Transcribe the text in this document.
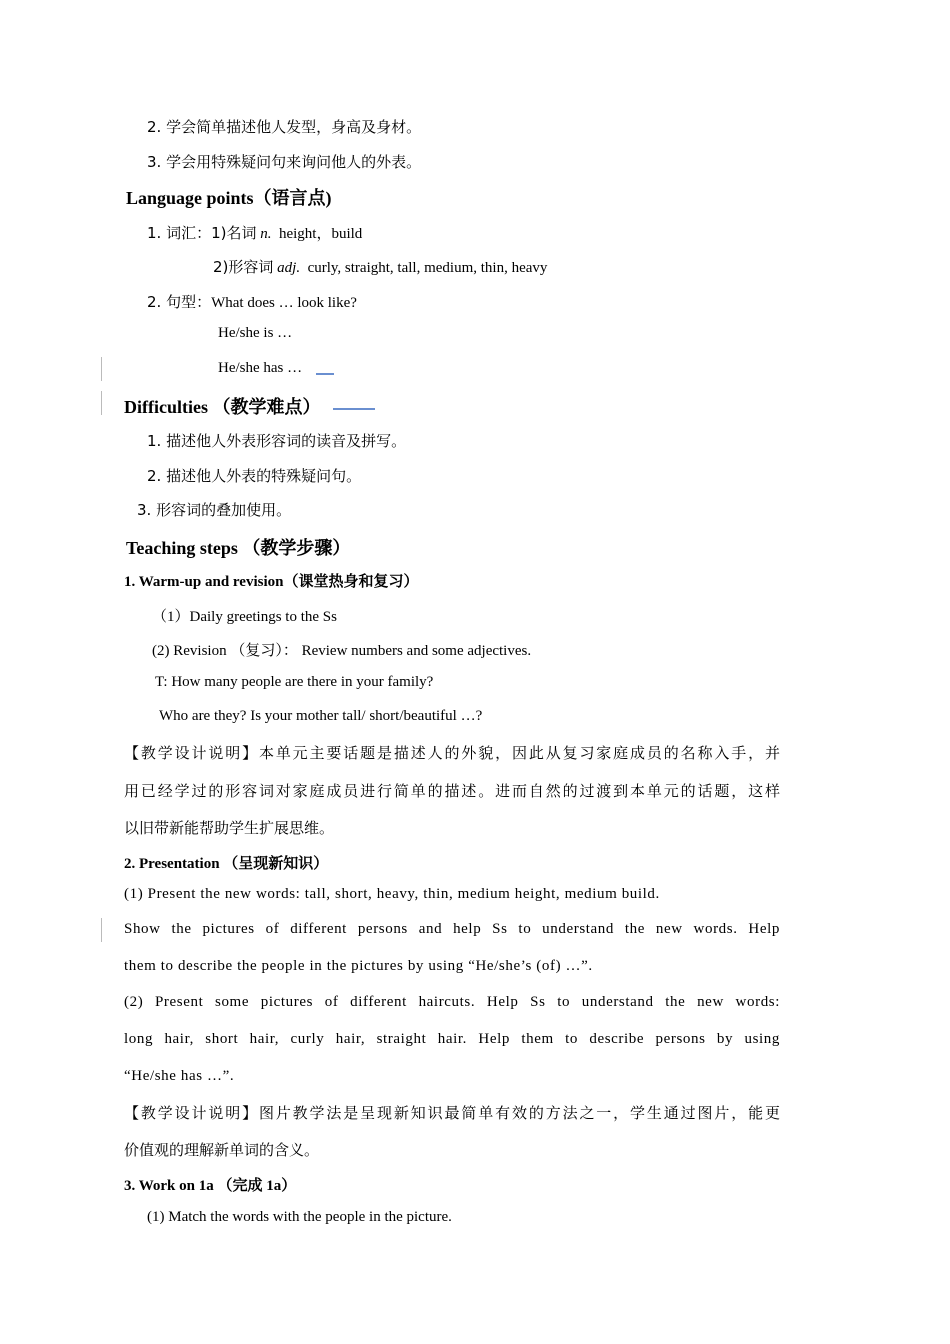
2. 学会简单描述他人发型，身高及身材。
3. 学会用特殊疑问句来询问他人的外表。
Language points（语言点)
1. 词汇：1)名词 n. height，build
2)形容词 adj. curly, straight, tall, medium, thin, heavy
2. 句型：What does … look like?
He/she is …
He/she has …
Difficulties （教学难点）
1. 描述他人外表形容词的读音及拼写。
2. 描述他人外表的特殊疑问句。
3. 形容词的叠加使用。
Teaching steps （教学步骤）
1. Warm-up and revision（课堂热身和复习）
（1）Daily greetings to the Ss
(2) Revision （复习）： Review numbers and some adjectives.
T: How many people are there in your family?
Who are they? Is your mother tall/ short/beautiful …?
【教学设计说明】本单元主要话题是描述人的外貌，因此从复习家庭成员的名称入手，并
用已经学过的形容词对家庭成员进行简单的描述。进而自然的过渡到本单元的话题，这样
以旧带新能帮助学生扩展思维。
2. Presentation （呈现新知识）
(1) Present the new words: tall, short, heavy, thin, medium height, medium build.
Show the pictures of different persons and help Ss to understand the new words. Help
them to describe the people in the pictures by using “He/she’s (of) …”.
(2) Present some pictures of different haircuts. Help Ss to understand the new words:
long hair, short hair, curly hair, straight hair. Help them to describe persons by using
“He/she has …”.
【教学设计说明】图片教学法是呈现新知识最简单有效的方法之一，学生通过图片，能更
价值观的理解新单词的含义。
3. Work on 1a （完成 1a）
(1) Match the words with the people in the picture.
